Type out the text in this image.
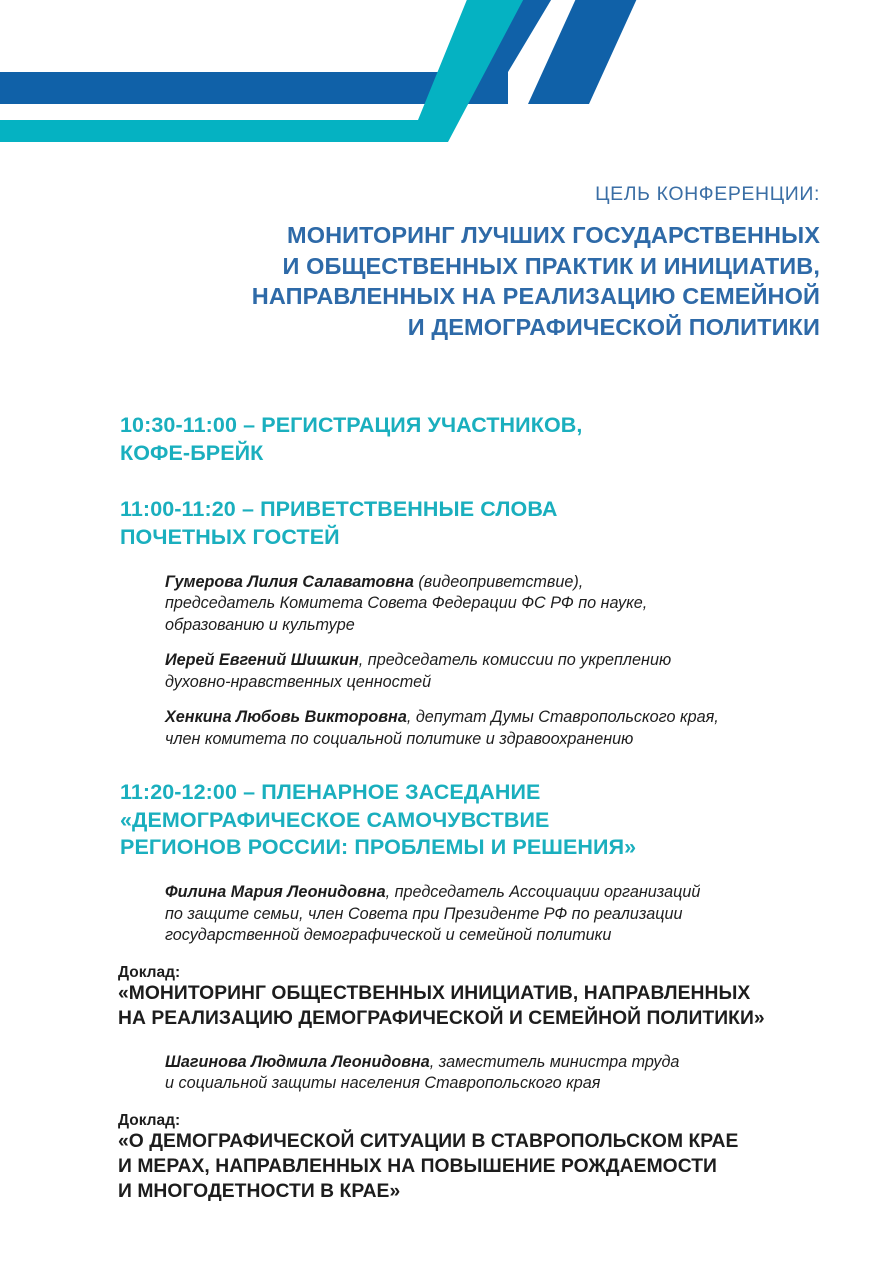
ЦЕЛЬ КОНФЕРЕНЦИИ:

МОНИТОРИНГ ЛУЧШИХ ГОСУДАРСТВЕННЫХ
И ОБЩЕСТВЕННЫХ ПРАКТИК И ИНИЦИАТИВ,
НАПРАВЛЕННЫХ НА РЕАЛИЗАЦИЮ СЕМЕЙНОЙ
И ДЕМОГРАФИЧЕСКОЙ ПОЛИТИКИ
10:30-11:00 – РЕГИСТРАЦИЯ УЧАСТНИКОВ,
КОФЕ-БРЕЙК
11:00-11:20 – ПРИВЕТСТВЕННЫЕ СЛОВА
ПОЧЕТНЫХ ГОСТЕЙ

Гумерова Лилия Салаватовна (видеоприветствие),
председатель Комитета Совета Федерации ФС РФ по науке,
образованию и культуре

Иерей Евгений Шишкин, председатель комиссии по укреплению
духовно-нравственных ценностей

Хенкина Любовь Викторовна, депутат Думы Ставропольского края,
член комитета по социальной политике и здравоохранению

11:20-12:00 – ПЛЕНАРНОЕ ЗАСЕДАНИЕ
«ДЕМОГРАФИЧЕСКОЕ САМОЧУВСТВИЕ
РЕГИОНОВ РОССИИ: ПРОБЛЕМЫ И РЕШЕНИЯ»

Филина Мария Леонидовна, председатель Ассоциации организаций
по защите семьи, член Совета при Президенте РФ по реализации
государственной демографической и семейной политики

Доклад:

«МОНИТОРИНГ ОБЩЕСТВЕННЫХ ИНИЦИАТИВ, НАПРАВЛЕННЫХ
НА РЕАЛИЗАЦИЮ ДЕМОГРАФИЧЕСКОЙ И СЕМЕЙНОЙ ПОЛИТИКИ»

Шагинова Людмила Леонидовна, заместитель министра труда
и социальной защиты населения Ставропольского края

Доклад:

«О ДЕМОГРАФИЧЕСКОЙ СИТУАЦИИ В СТАВРОПОЛЬСКОМ КРАЕ
И МЕРАХ, НАПРАВЛЕННЫХ НА ПОВЫШЕНИЕ РОЖДАЕМОСТИ
И МНОГОДЕТНОСТИ В КРАЕ»
